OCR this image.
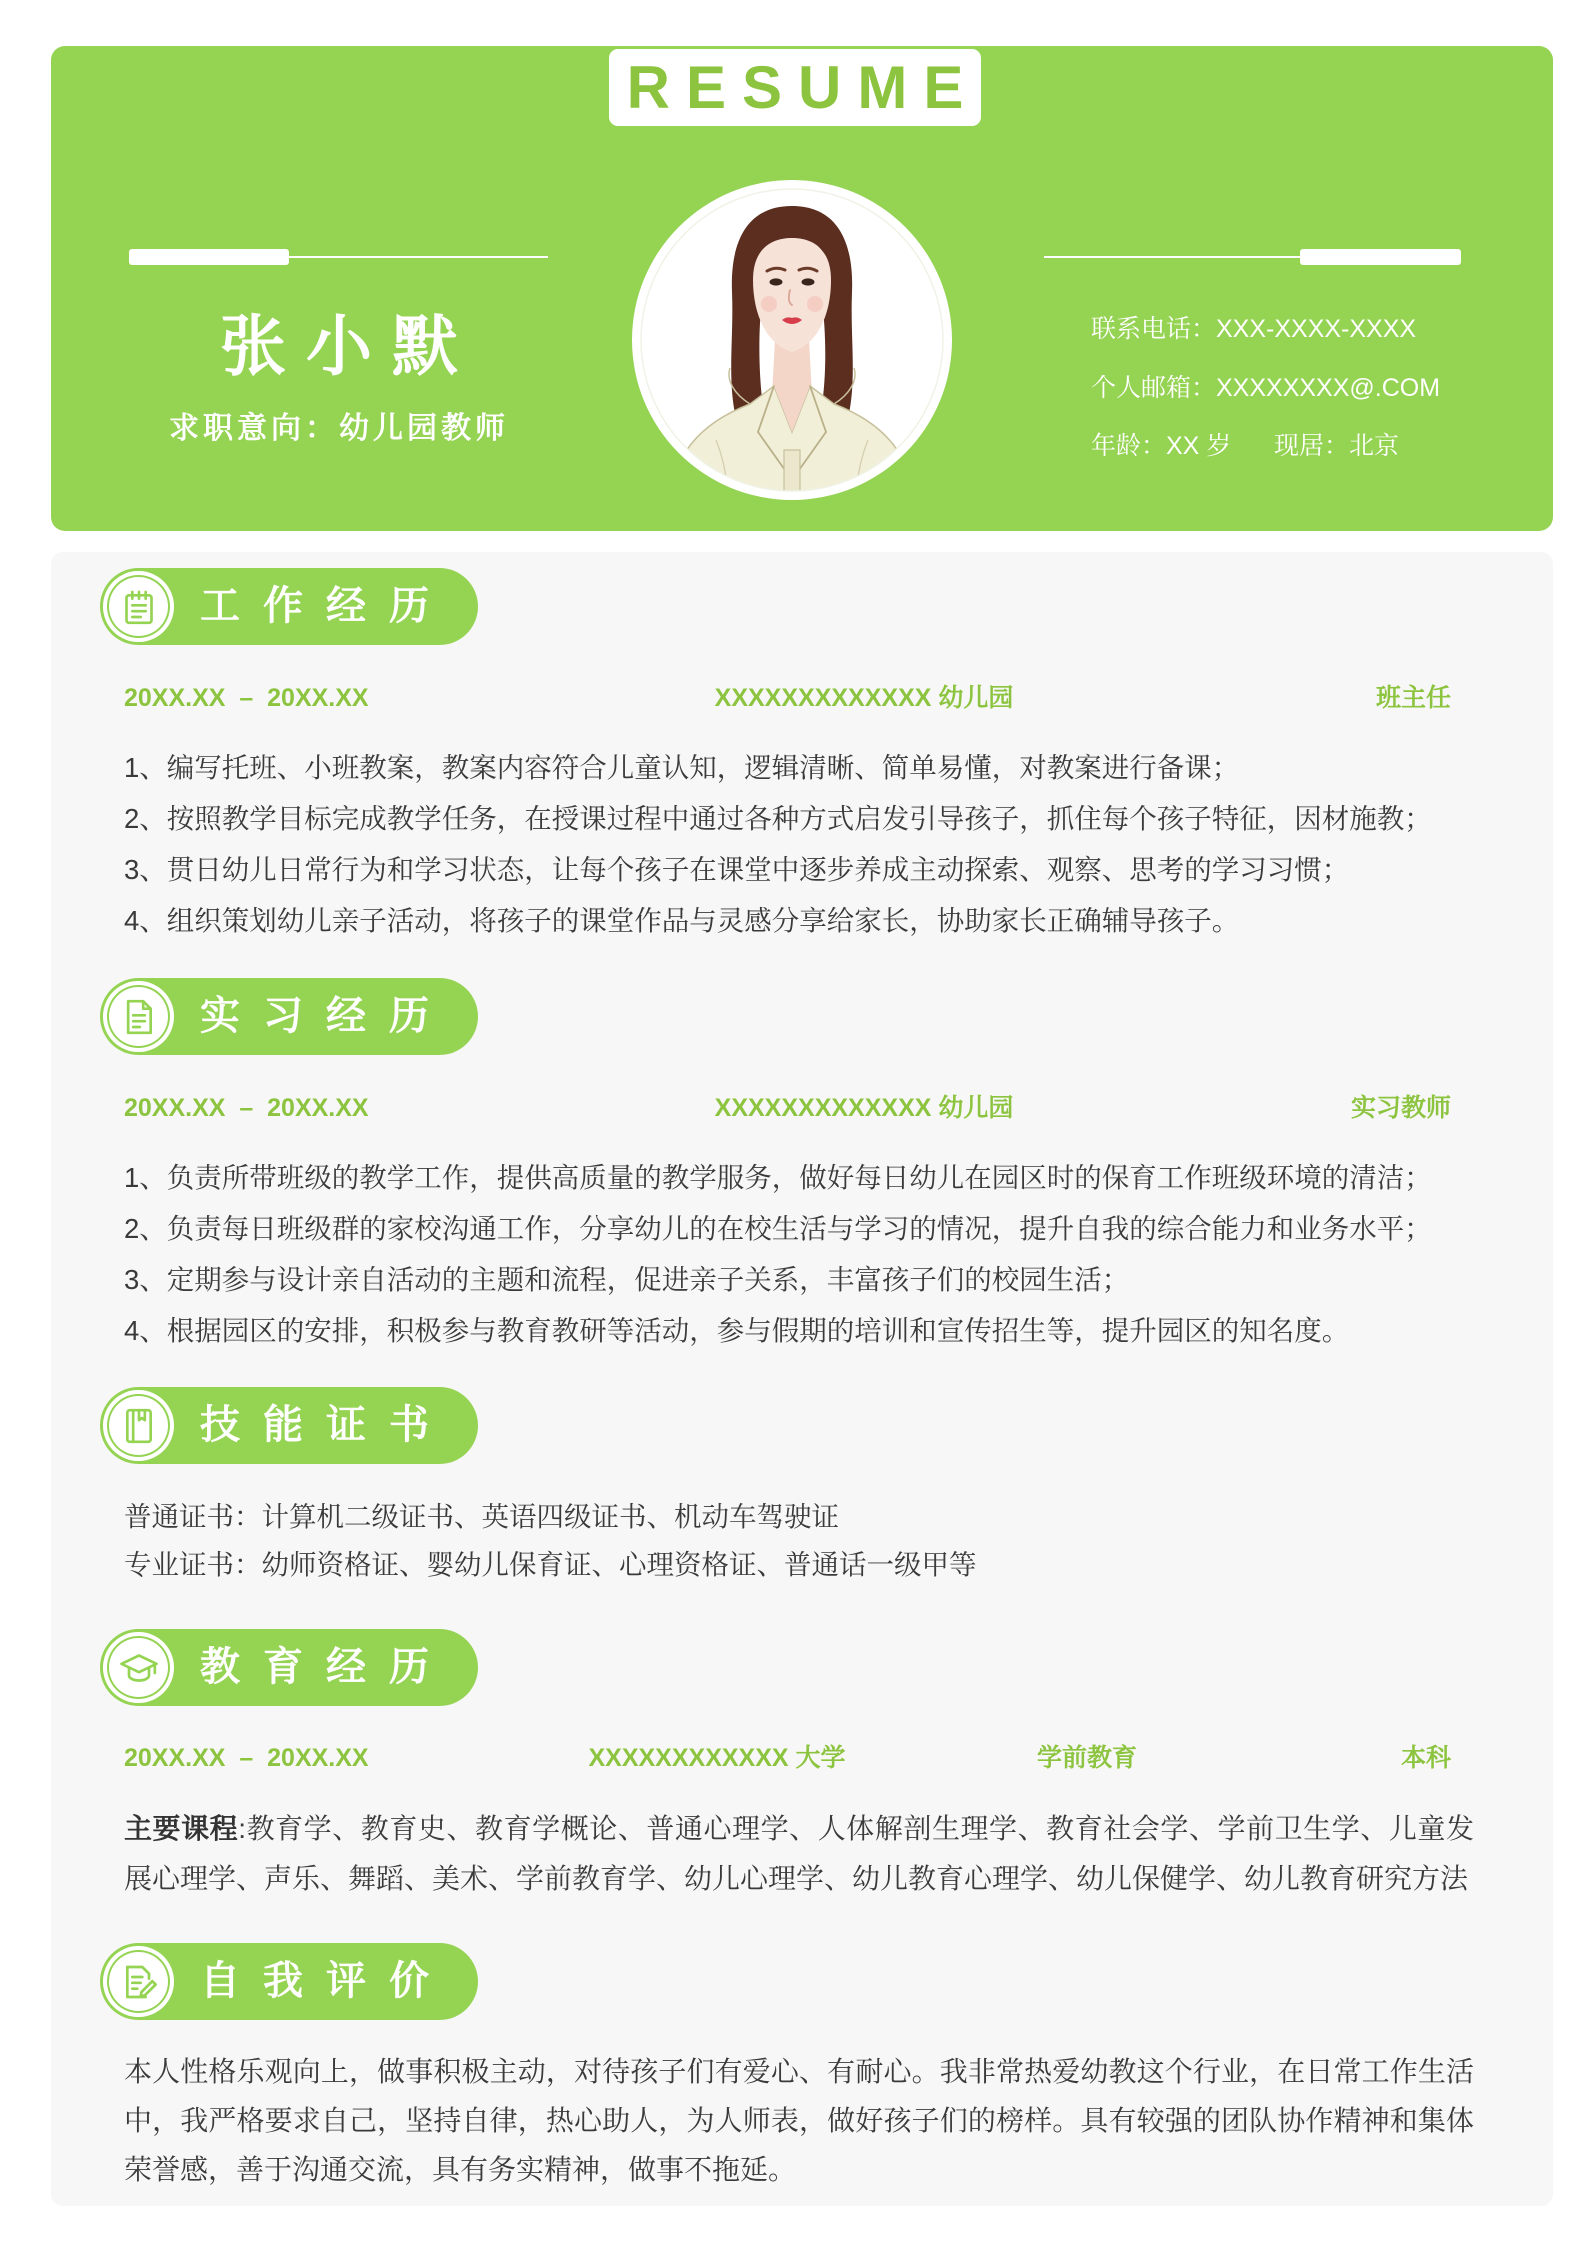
RESUME
张小默
求职意向：幼儿园教师
联系电话：XXX-XXXX-XXXX
个人邮箱：XXXXXXXX@.COM
年龄：XX 岁 现居：北京
工作经历
20XX.XX  –  20XX.XX	XXXXXXXXXXXXX 幼儿园	班主任
1、编写托班、小班教案，教案内容符合儿童认知，逻辑清晰、简单易懂，对教案进行备课；
2、按照教学目标完成教学任务，在授课过程中通过各种方式启发引导孩子，抓住每个孩子特征，因材施教；
3、贯日幼儿日常行为和学习状态，让每个孩子在课堂中逐步养成主动探索、观察、思考的学习习惯；
4、组织策划幼儿亲子活动，将孩子的课堂作品与灵感分享给家长，协助家长正确辅导孩子。
实习经历
20XX.XX  –  20XX.XX	XXXXXXXXXXXXX 幼儿园	实习教师
1、负责所带班级的教学工作，提供高质量的教学服务，做好每日幼儿在园区时的保育工作班级环境的清洁；
2、负责每日班级群的家校沟通工作，分享幼儿的在校生活与学习的情况，提升自我的综合能力和业务水平；
3、定期参与设计亲自活动的主题和流程，促进亲子关系，丰富孩子们的校园生活；
4、根据园区的安排，积极参与教育教研等活动，参与假期的培训和宣传招生等，提升园区的知名度。
技能证书
普通证书：计算机二级证书、英语四级证书、机动车驾驶证
专业证书：幼师资格证、婴幼儿保育证、心理资格证、普通话一级甲等
教育经历
20XX.XX  –  20XX.XX	XXXXXXXXXXXX 大学	学前教育	本科

主要课程:教育学、教育史、教育学概论、普通心理学、人体解剖生理学、教育社会学、学前卫生学、儿童发展心理学、声乐、舞蹈、美术、学前教育学、幼儿心理学、幼儿教育心理学、幼儿保健学、幼儿教育研究方法

自我评价

本人性格乐观向上，做事积极主动，对待孩子们有爱心、有耐心。我非常热爱幼教这个行业，在日常工作生活中，我严格要求自己，坚持自律，热心助人，为人师表，做好孩子们的榜样。具有较强的团队协作精神和集体荣誉感，善于沟通交流，具有务实精神，做事不拖延。
